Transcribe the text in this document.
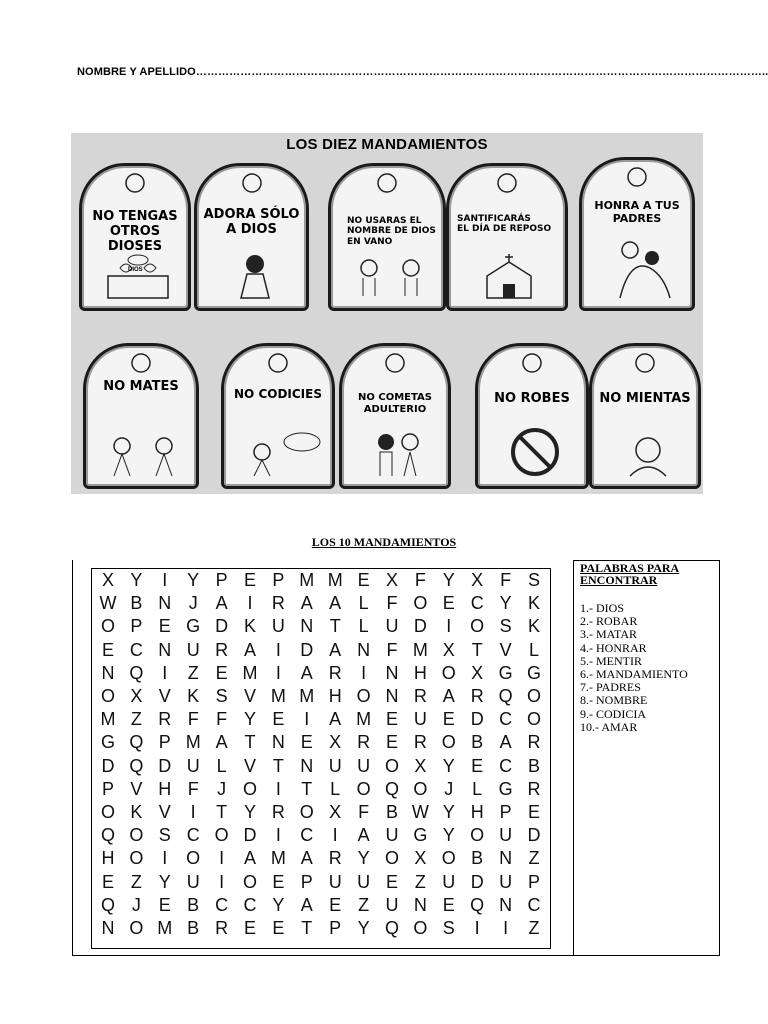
NOMBRE Y APELLIDO………………………………………………………………………………………………………………………………………..
LOS DIEZ MANDAMIENTOS
NO TENGAS
OTROS DIOSES
DIOS
ADORA SÓLO
A DIOS
NO USARAS EL
NOMBRE DE DIOS
EN VANO
SANTIFICARÁS
EL DÍA DE REPOSO
HONRA A TUS
PADRES
NO MATES	NO CODICIES	NO COMETAS
ADULTERIO
NO ROBES	NO MIENTAS
LOS 10 MANDAMIENTOS
X Y	I	Y P E P M M E X F Y X F S
W B N J A	I	R A A L F O E C Y K
O P E G D K U N T L U D	I	O S K
E C N U R A	I	D A N F M X T V L
N Q	I	Z E M	I	A R	I	N H O X G G
O X V K S V M M H O N R A R Q O
M Z R F F Y E	I	A M E U E D C O
G Q P M A T N E X R E R O B A R
D Q D U L V T N U U O X Y E C B
P V H F	J O	I	T L O Q O J	L G R
O K V	I	T Y R O X F B W Y H P E
Q O S C O D	I	C	I	A U G Y O U D
H O	I	O	I	A M A R Y O X O B N Z
E Z Y U	I	O E P U U E Z U D U P
Q J E B C C Y A E Z U N E Q N C
N O M B R E E T P Y Q O S	I	I	Z
PALABRAS PARA ENCONTRAR
1.- DIOS
2.- ROBAR
3.- MATAR
4.- HONRAR
5.- MENTIR
6.- MANDAMIENTO
7.- PADRES
8.- NOMBRE
9.- CODICIA
10.- AMAR
